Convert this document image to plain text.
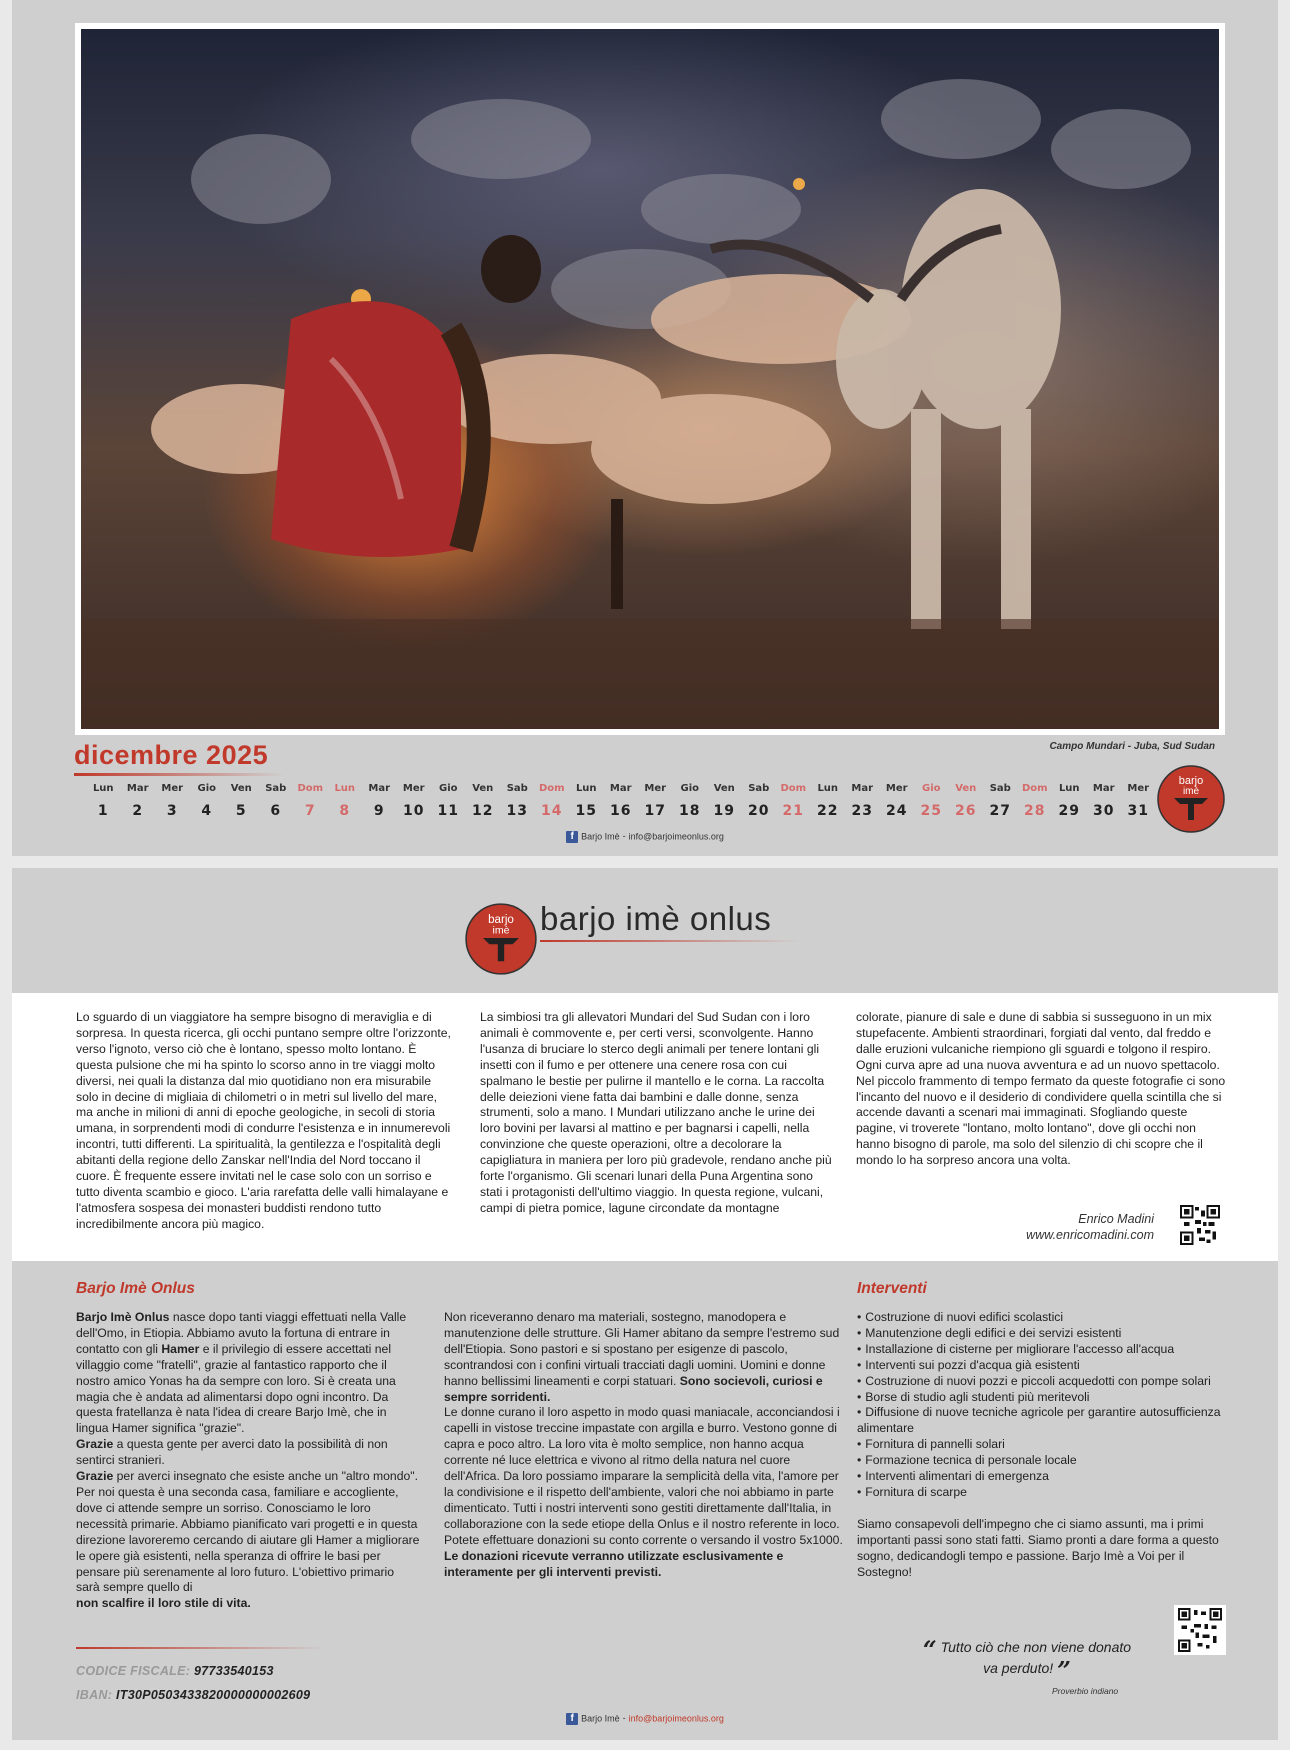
dicembre 2025	Campo Mundari - Juba, Sud Sudan
Lun
1
Mar
2
Mer
3
Gio
4
Ven
5
Sab
6
Dom
7
Lun
8
Mar
9
Mer
10
Gio
11
Ven
12
Sab
13
Dom
14
Lun
15
Mar
16
Mer
17
Gio
18
Ven
19
Sab
20
Dom
21
Lun
22
Mar
23
Mer
24
Gio
25
Ven
26
Sab
27
Dom
28
Lun
29
Mar
30
Mer
31
barjo
imè
f Barjo Imè - info@barjoimeonlus.org
barjo
imè barjo imè onlus
Lo sguardo di un viaggiatore ha sempre bisogno di meraviglia e di sorpresa. In questa ricerca, gli occhi puntano sempre oltre l'orizzonte, verso l'ignoto, verso ciò che è lontano, spesso molto lontano. È questa pulsione che mi ha spinto lo scorso anno in tre viaggi molto diversi, nei quali la distanza dal mio quotidiano non era misurabile solo in decine di migliaia di chilometri o in metri sul livello del mare, ma anche in milioni di anni di epoche geologiche, in secoli di storia umana, in sorprendenti modi di condurre l'esistenza e in innumerevoli incontri, tutti differenti. La spiritualità, la gentilezza e l'ospitalità degli abitanti della regione dello Zanskar nell'India del Nord toccano il cuore. È frequente essere invitati nel le case solo con un sorriso e tutto diventa scambio e gioco. L'aria rarefatta delle valli himalayane e l'atmosfera sospesa dei monasteri buddisti rendono tutto incredibilmente ancora più magico.
La simbiosi tra gli allevatori Mundari del Sud Sudan con i loro animali è commovente e, per certi versi, sconvolgente. Hanno l'usanza di bruciare lo sterco degli animali per tenere lontani gli insetti con il fumo e per ottenere una cenere rosa con cui spalmano le bestie per pulirne il mantello e le corna. La raccolta delle deiezioni viene fatta dai bambini e dalle donne, senza strumenti, solo a mano. I Mundari utilizzano anche le urine dei loro bovini per lavarsi al mattino e per bagnarsi i capelli, nella convinzione che queste operazioni, oltre a decolorare la capigliatura in maniera per loro più gradevole, rendano anche più forte l'organismo. Gli scenari lunari della Puna Argentina sono stati i protagonisti dell'ultimo viaggio. In questa regione, vulcani, campi di pietra pomice, lagune circondate da montagne
colorate, pianure di sale e dune di sabbia si susseguono in un mix stupefacente. Ambienti straordinari, forgiati dal vento, dal freddo e dalle eruzioni vulcaniche riempiono gli sguardi e tolgono il respiro. Ogni curva apre ad una nuova avventura e ad un nuovo spettacolo. Nel piccolo frammento di tempo fermato da queste fotografie ci sono l'incanto del nuovo e il desiderio di condividere quella scintilla che si accende davanti a scenari mai immaginati. Sfogliando queste pagine, vi troverete "lontano, molto lontano", dove gli occhi non hanno bisogno di parole, ma solo del silenzio di chi scopre che il mondo lo ha sorpreso ancora una volta.
Enrico Madini
www.enricomadini.com
Barjo Imè Onlus

Barjo Imè Onlus nasce dopo tanti viaggi effettuati nella Valle dell'Omo, in Etiopia. Abbiamo avuto la fortuna di entrare in contatto con gli Hamer e il privilegio di essere accettati nel villaggio come "fratelli", grazie al fantastico rapporto che il nostro amico Yonas ha da sempre con loro. Si è creata una magia che è andata ad alimentarsi dopo ogni incontro. Da questa fratellanza è nata l'idea di creare Barjo Imè, che in lingua Hamer significa "grazie".

Grazie a questa gente per averci dato la possibilità di non sentirci stranieri.

Grazie per averci insegnato che esiste anche un "altro mondo".

Per noi questa è una seconda casa, familiare e accogliente, dove ci attende sempre un sorriso. Conosciamo le loro necessità primarie. Abbiamo pianificato vari progetti e in questa direzione lavoreremo cercando di aiutare gli Hamer a migliorare le opere già esistenti, nella speranza di offrire le basi per pensare più serenamente al loro futuro. L'obiettivo primario sarà sempre quello di
non scalfire il loro stile di vita.

Non riceveranno denaro ma materiali, sostegno, manodopera e manutenzione delle strutture. Gli Hamer abitano da sempre l'estremo sud dell'Etiopia. Sono pastori e si spostano per esigenze di pascolo, scontrandosi con i confini virtuali tracciati dagli uomini. Uomini e donne hanno bellissimi lineamenti e corpi statuari. Sono socievoli, curiosi e sempre sorridenti.
Le donne curano il loro aspetto in modo quasi maniacale, acconciandosi i capelli in vistose treccine impastate con argilla e burro. Vestono gonne di capra e poco altro. La loro vita è molto semplice, non hanno acqua corrente né luce elettrica e vivono al ritmo della natura nel cuore dell'Africa. Da loro possiamo imparare la semplicità della vita, l'amore per la condivisione e il rispetto dell'ambiente, valori che noi abbiamo in parte dimenticato. Tutti i nostri interventi sono gestiti direttamente dall'Italia, in collaborazione con la sede etiope della Onlus e il nostro referente in loco. Potete effettuare donazioni su conto corrente o versando il vostro 5x1000. Le donazioni ricevute verranno utilizzate esclusivamente e interamente per gli interventi previsti.

CODICE FISCALE: 97733540153
IBAN: IT30P0503433820000000002609
Interventi
• Costruzione di nuovi edifici scolastici
• Manutenzione degli edifici e dei servizi esistenti
• Installazione di cisterne per migliorare l'accesso all'acqua
• Interventi sui pozzi d'acqua già esistenti
• Costruzione di nuovi pozzi e piccoli acquedotti con pompe solari
• Borse di studio agli studenti più meritevoli
• Diffusione di nuove tecniche agricole per garantire autosufficienza alimentare
• Fornitura di pannelli solari
• Formazione tecnica di personale locale
• Interventi alimentari di emergenza
• Fornitura di scarpe

Siamo consapevoli dell'impegno che ci siamo assunti, ma i primi importanti passi sono stati fatti. Siamo pronti a dare forma a questo sogno, dedicandogli tempo e passione. Barjo Imè a Voi per il Sostegno!

“ Tutto ciò che non viene donato va perduto! ”
Proverbio indiano
f Barjo Imè - info@barjoimeonlus.org
